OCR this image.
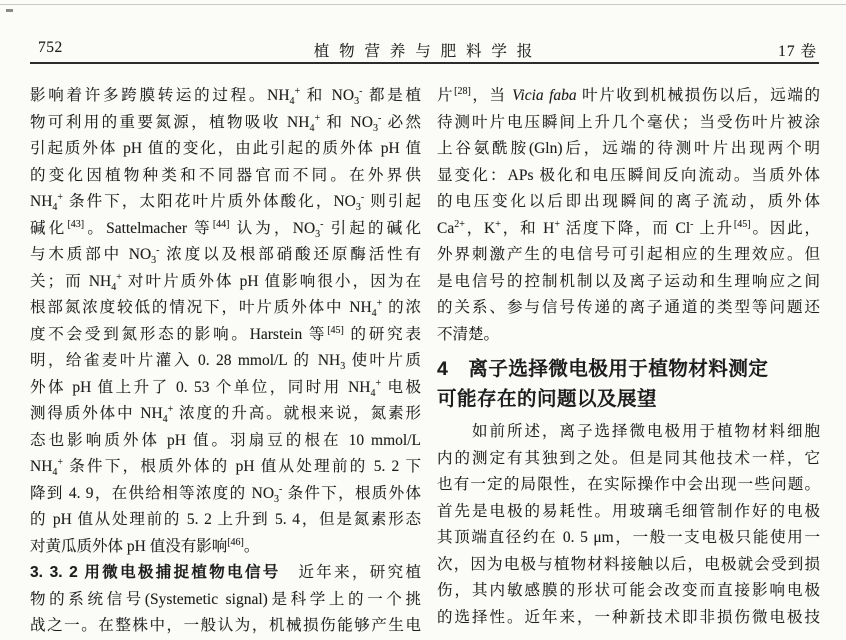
752	植 物 营 养 与 肥 料 学 报	17 卷
影响着许多跨膜转运的过程。$NH_4^+$ 和 $NO_3^-$ 都是植
物可利用的重要氮源，植物吸收 $NH_4^+$ 和 $NO_3^-$ 必然
引起质外体 pH 值的变化，由此引起的质外体 pH 值
的变化因植物种类和不同器官而不同。在外界供
$NH_4^+$ 条件下，太阳花叶片质外体酸化，$NO_3^-$ 则引起
碱化[43]。Sattelmacher 等[44] 认为，$NO_3^-$ 引起的碱化
与木质部中 $NO_3^-$ 浓度以及根部硝酸还原酶活性有
关；而 $NH_4^+$ 对叶片质外体 pH 值影响很小，因为在
根部氮浓度较低的情况下，叶片质外体中 $NH_4^+$ 的浓
度不会受到氮形态的影响。Harstein 等[45] 的研究表
明，给雀麦叶片灌入 0. 28 mmol/L 的 $NH_3$ 使叶片质
外体 pH 值上升了 0. 53 个单位，同时用 $NH_4^+$ 电极
测得质外体中 $NH_4^+$ 浓度的升高。就根来说，氮素形
态也影响质外体 pH 值。羽扇豆的根在 10 mmol/L
$NH_4^+$ 条件下，根质外体的 pH 值从处理前的 5. 2 下
降到 4. 9，在供给相等浓度的 $NO_3^-$ 条件下，根质外体
的 pH 值从处理前的 5. 2 上升到 5. 4，但是氮素形态
对黄瓜质外体 pH 值没有影响[46]。
3. 3. 2 用微电极捕捉植物电信号　近年来，研究植
物的系统信号(Systemetic signal)是科学上的一个挑
战之一。在整株中，一般认为，机械损伤能够产生电
片[28]，当 Vicia faba 叶片收到机械损伤以后，远端的
待测叶片电压瞬间上升几个毫伏；当受伤叶片被涂
上谷氨酰胺(Gln)后，远端的待测叶片出现两个明
显变化：APs 极化和电压瞬间反向流动。当质外体
的电压变化以后即出现瞬间的离子流动，质外体
$Ca^{2+}$，K+，和 H+ 活度下降，而 Cl- 上升[45]。因此，
外界刺激产生的电信号可引起相应的生理效应。但
是电信号的控制机制以及离子运动和生理响应之间
的关系、参与信号传递的离子通道的类型等问题还
不清楚。
4　离子选择微电极用于植物材料测定
可能存在的问题以及展望
　　如前所述，离子选择微电极用于植物材料细胞
内的测定有其独到之处。但是同其他技术一样，它
也有一定的局限性，在实际操作中会出现一些问题。
首先是电极的易耗性。用玻璃毛细管制作好的电极
其顶端直径约在 0. 5 μm，一般一支电极只能使用一
次，因为电极与植物材料接触以后，电极就会受到损
伤，其内敏感膜的形状可能会改变而直接影响电极
的选择性。近年来，一种新技术即非损伤微电极技
